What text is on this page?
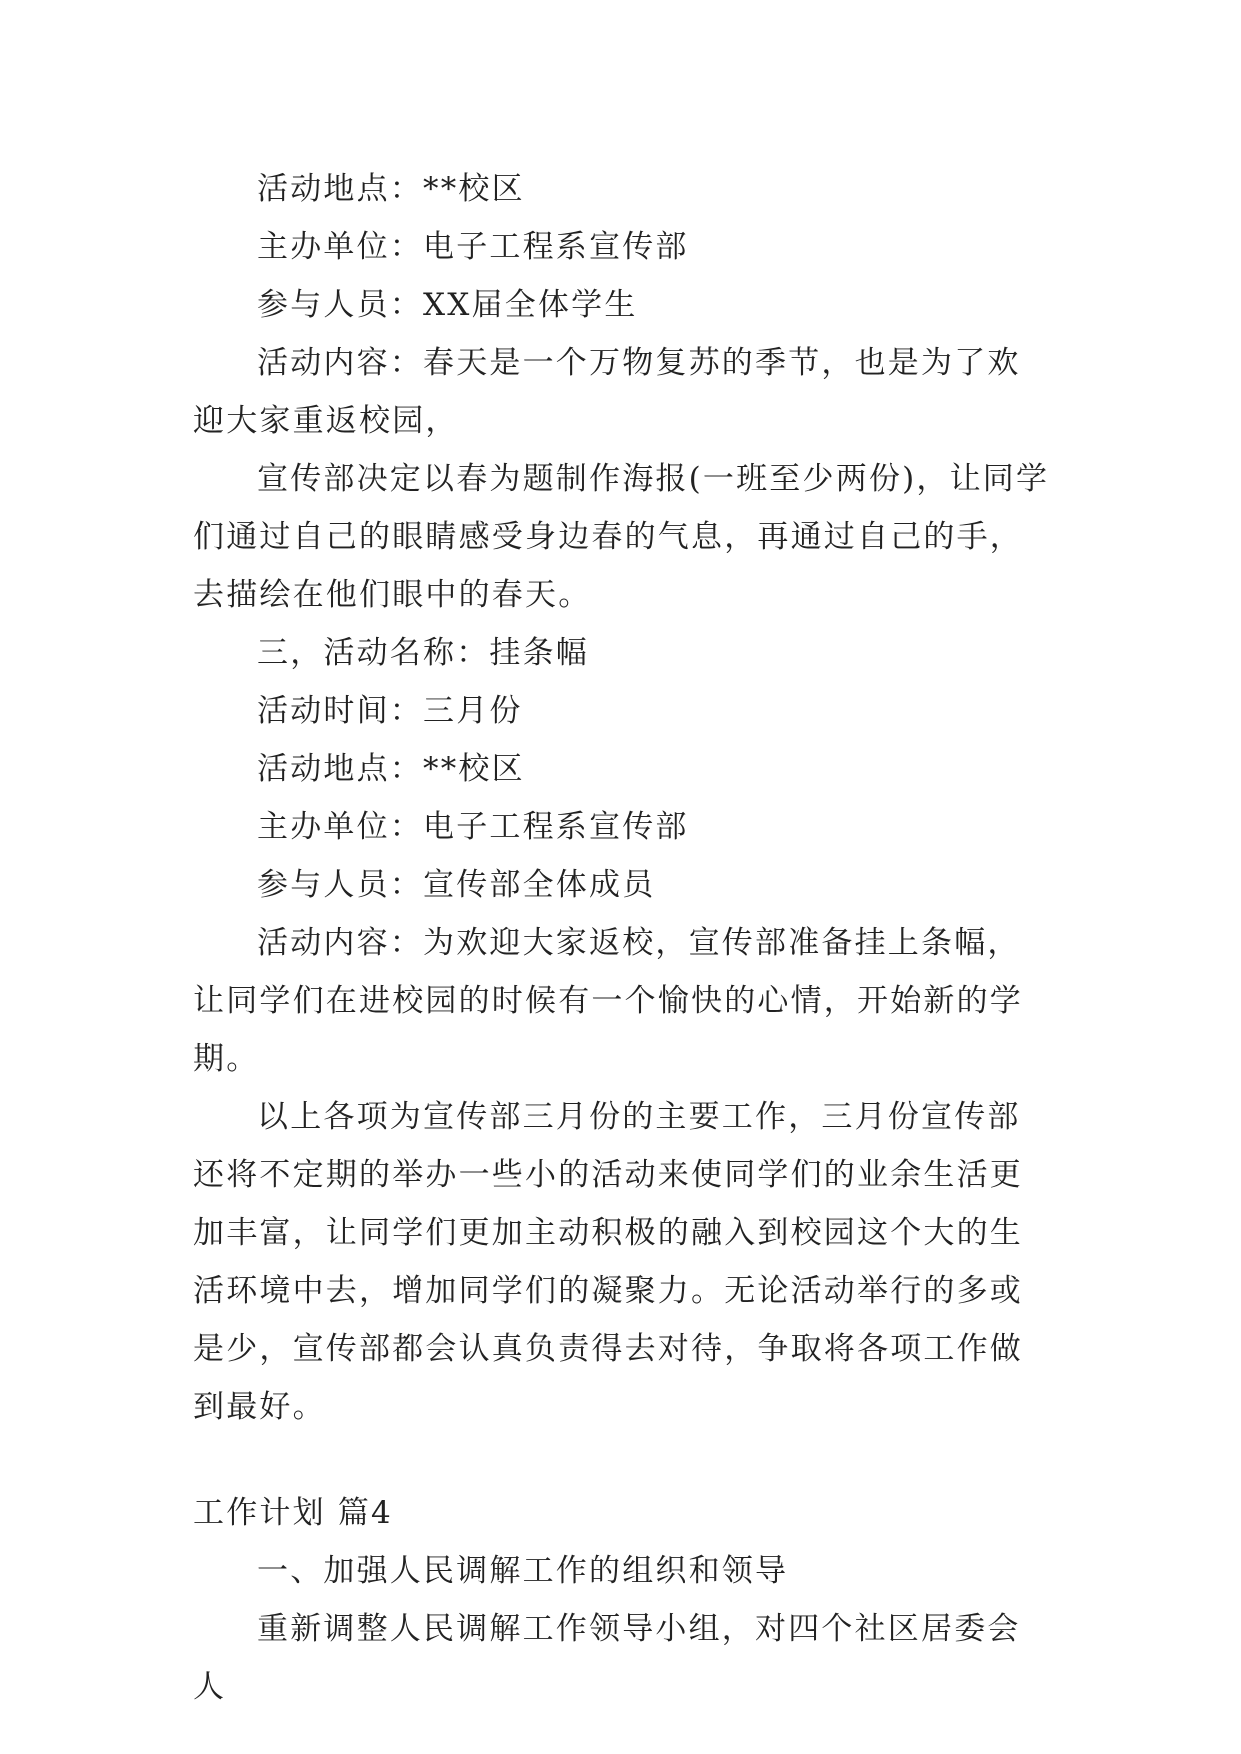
活动地点：**校区

主办单位：电子工程系宣传部

参与人员：XX届全体学生

活动内容：春天是一个万物复苏的季节，也是为了欢迎大家重返校园，

宣传部决定以春为题制作海报(一班至少两份)，让同学们通过自己的眼睛感受身边春的气息，再通过自己的手，去描绘在他们眼中的春天。

三，活动名称：挂条幅

活动时间：三月份

活动地点：**校区

主办单位：电子工程系宣传部

参与人员：宣传部全体成员

活动内容：为欢迎大家返校，宣传部准备挂上条幅，让同学们在进校园的时候有一个愉快的心情，开始新的学期。

以上各项为宣传部三月份的主要工作，三月份宣传部还将不定期的举办一些小的活动来使同学们的业余生活更加丰富，让同学们更加主动积极的融入到校园这个大的生活环境中去，增加同学们的凝聚力。无论活动举行的多或是少，宣传部都会认真负责得去对待，争取将各项工作做到最好。

工作计划 篇4

一、加强人民调解工作的组织和领导

重新调整人民调解工作领导小组，对四个社区居委会人
